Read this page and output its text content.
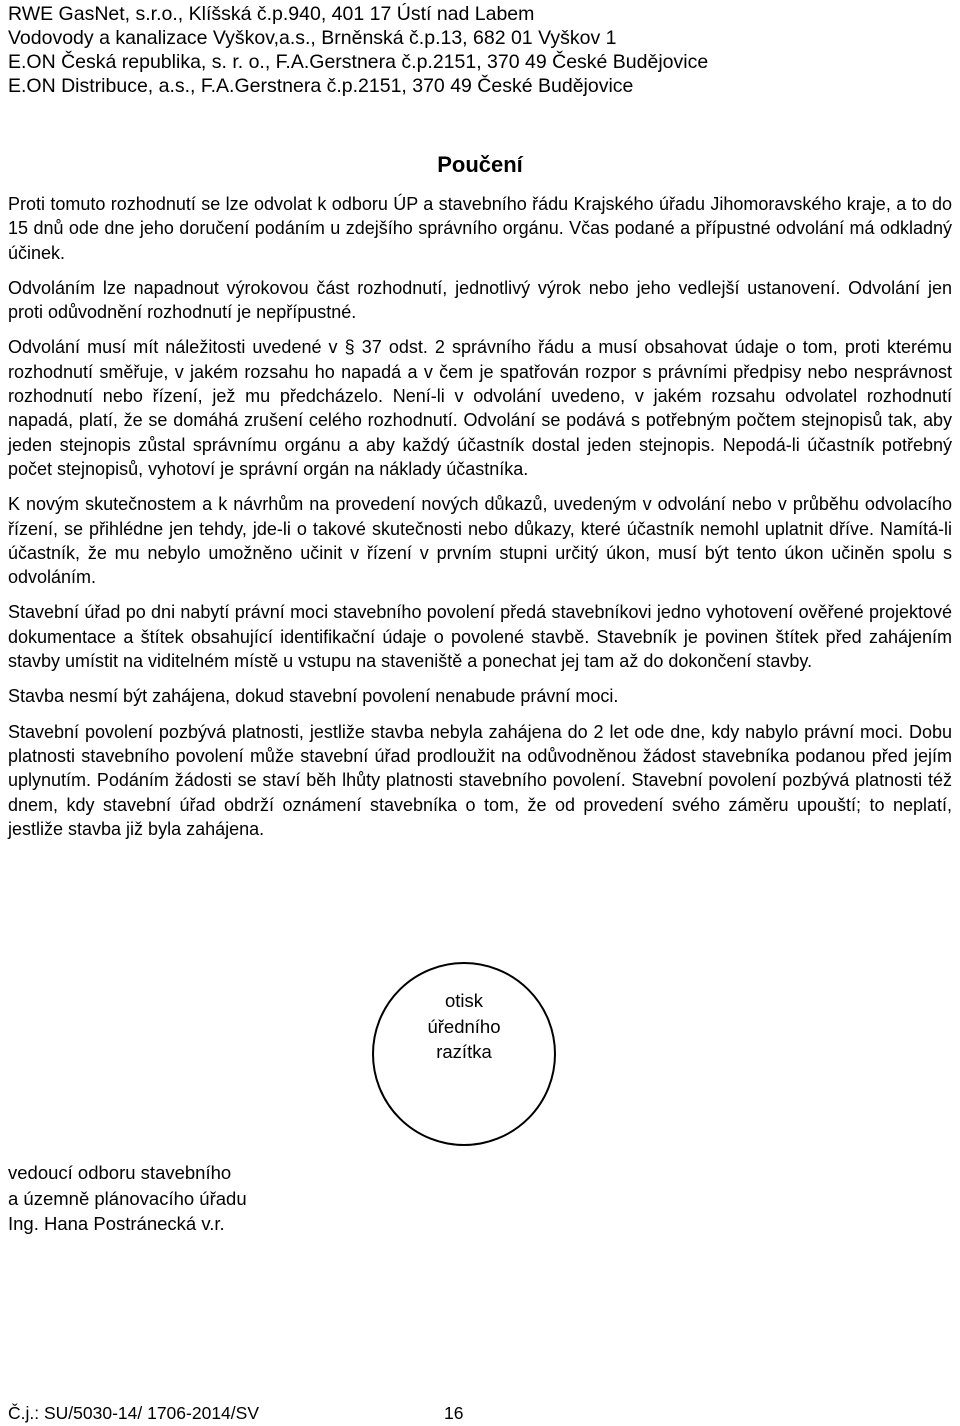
RWE GasNet, s.r.o., Klíšská č.p.940, 401 17 Ústí nad Labem
Vodovody a kanalizace Vyškov,a.s., Brněnská č.p.13, 682 01 Vyškov 1
E.ON Česká republika, s. r. o., F.A.Gerstnera č.p.2151, 370 49 České Budějovice
E.ON Distribuce, a.s., F.A.Gerstnera č.p.2151, 370 49 České Budějovice
Poučení

Proti tomuto rozhodnutí se lze odvolat k odboru ÚP a stavebního řádu Krajského úřadu Jihomoravského kraje, a to do 15 dnů ode dne jeho doručení podáním u zdejšího správního orgánu. Včas podané a přípustné odvolání má odkladný účinek.

Odvoláním lze napadnout výrokovou část rozhodnutí, jednotlivý výrok nebo jeho vedlejší ustanovení. Odvolání jen proti odůvodnění rozhodnutí je nepřípustné.

Odvolání musí mít náležitosti uvedené v § 37 odst. 2 správního řádu a musí obsahovat údaje o tom, proti kterému rozhodnutí směřuje, v jakém rozsahu ho napadá a v čem je spatřován rozpor s právními předpisy nebo nesprávnost rozhodnutí nebo řízení, jež mu předcházelo. Není-li v odvolání uvedeno, v jakém rozsahu odvolatel rozhodnutí napadá, platí, že se domáhá zrušení celého rozhodnutí. Odvolání se podává s potřebným počtem stejnopisů tak, aby jeden stejnopis zůstal správnímu orgánu a aby každý účastník dostal jeden stejnopis. Nepodá-li účastník potřebný počet stejnopisů, vyhotoví je správní orgán na náklady účastníka.

K novým skutečnostem a k návrhům na provedení nových důkazů, uvedeným v odvolání nebo v průběhu odvolacího řízení, se přihlédne jen tehdy, jde-li o takové skutečnosti nebo důkazy, které účastník nemohl uplatnit dříve. Namítá-li účastník, že mu nebylo umožněno učinit v řízení v prvním stupni určitý úkon, musí být tento úkon učiněn spolu s odvoláním.

Stavební úřad po dni nabytí právní moci stavebního povolení předá stavebníkovi jedno vyhotovení ověřené projektové dokumentace a štítek obsahující identifikační údaje o povolené stavbě. Stavebník je povinen štítek před zahájením stavby umístit na viditelném místě u vstupu na staveniště a ponechat jej tam až do dokončení stavby.

Stavba nesmí být zahájena, dokud stavební povolení nenabude právní moci.

Stavební povolení pozbývá platnosti, jestliže stavba nebyla zahájena do 2 let ode dne, kdy nabylo právní moci. Dobu platnosti stavebního povolení může stavební úřad prodloužit na odůvodněnou žádost stavebníka podanou před jejím uplynutím. Podáním žádosti se staví běh lhůty platnosti stavebního povolení. Stavební povolení pozbývá platnosti též dnem, kdy stavební úřad obdrží oznámení stavebníka o tom, že od provedení svého záměru upouští; to neplatí, jestliže stavba již byla zahájena.

otisk
úředního
razítka
vedoucí odboru stavebního
a územně plánovacího úřadu
Ing. Hana Postránecká v.r.
Č.j.: SU/5030-14/ 1706-2014/SV	16
